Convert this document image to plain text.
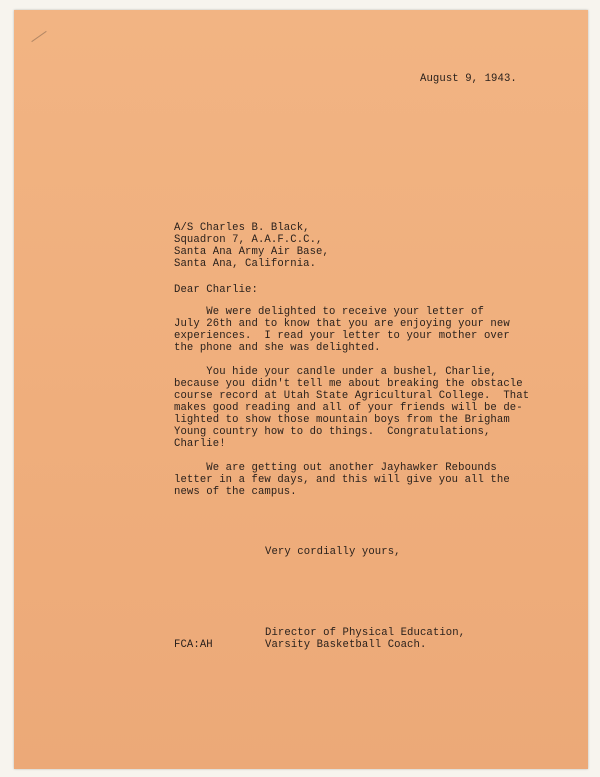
August 9, 1943.
A/S Charles B. Black,
Squadron 7, A.A.F.C.C.,
Santa Ana Army Air Base,
Santa Ana, California.
Dear Charlie:
We were delighted to receive your letter of
July 26th and to know that you are enjoying your new
experiences.  I read your letter to your mother over
the phone and she was delighted.
You hide your candle under a bushel, Charlie,
because you didn't tell me about breaking the obstacle
course record at Utah State Agricultural College.  That
makes good reading and all of your friends will be de-
lighted to show those mountain boys from the Brigham
Young country how to do things.  Congratulations,
Charlie!
We are getting out another Jayhawker Rebounds
letter in a few days, and this will give you all the
news of the campus.
Very cordially yours,
Director of Physical Education,
Varsity Basketball Coach.
FCA:AH
